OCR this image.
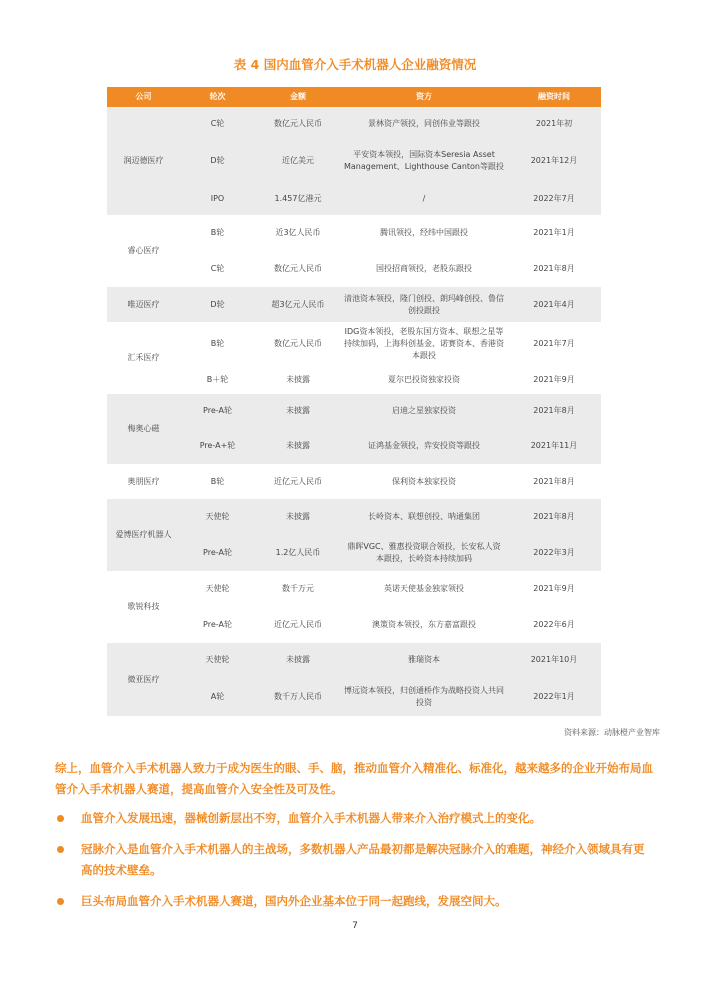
表 4 国内血管介入手术机器人企业融资情况
公司	轮次	金额	资方	融资时间
润迈德医疗	C轮	数亿元人民币	景林资产领投，同创伟业等跟投	2021年初
	D轮	近亿美元	平安资本领投，国际资本Seresia Asset Management、Lighthouse Canton等跟投	2021年12月
	IPO	1.457亿港元	/	2022年7月
睿心医疗	B轮	近3亿人民币	腾讯领投，经纬中国跟投	2021年1月
	C轮	数亿元人民币	国投招商领投，老股东跟投	2021年8月
唯迈医疗	D轮	超3亿元人民币	清池资本领投，隆门创投、朗玛峰创投、鲁信创投跟投	2021年4月
汇禾医疗	B轮	数亿元人民币	IDG资本领投，老股东国方资本、联想之星等持续加码，上海科创基金、诺赛资本、香港资本跟投	2021年7月
	B＋轮	未披露	夏尔巴投资独家投资	2021年9月
梅奥心磁	Pre-A轮	未披露	启迪之星独家投资	2021年8月
	Pre-A+轮	未披露	证鸿基金领投，弈安投资等跟投	2021年11月
奥朋医疗	B轮	近亿元人民币	保利资本独家投资	2021年8月
爱博医疗机器人	天使轮	未披露	长岭资本、联想创投、呐通集团	2021年8月
	Pre-A轮	1.2亿人民币	鼎晖VGC、雅惠投资联合领投，长安私人资本跟投，长岭资本持续加码	2022年3月
歌锐科技	天使轮	数千万元	英诺天使基金独家领投	2021年9月
	Pre-A轮	近亿元人民币	澳策资本领投，东方嘉富跟投	2022年6月
微亚医疗	天使轮	未披露	雅瑞资本	2021年10月
	A轮	数千万人民币	博远资本领投，归创通桥作为战略投资人共同投资	2022年1月
资料来源：动脉橙产业智库

综上，血管介入手术机器人致力于成为医生的眼、手、脑，推动血管介入精准化、标准化，越来越多的企业开始布局血管介入手术机器人赛道，提高血管介入安全性及可及性。

血管介入发展迅速，器械创新层出不穷，血管介入手术机器人带来介入治疗模式上的变化。
冠脉介入是血管介入手术机器人的主战场，多数机器人产品最初都是解决冠脉介入的难题，神经介入领域具有更高的技术壁垒。
巨头布局血管介入手术机器人赛道，国内外企业基本位于同一起跑线，发展空间大。
7
